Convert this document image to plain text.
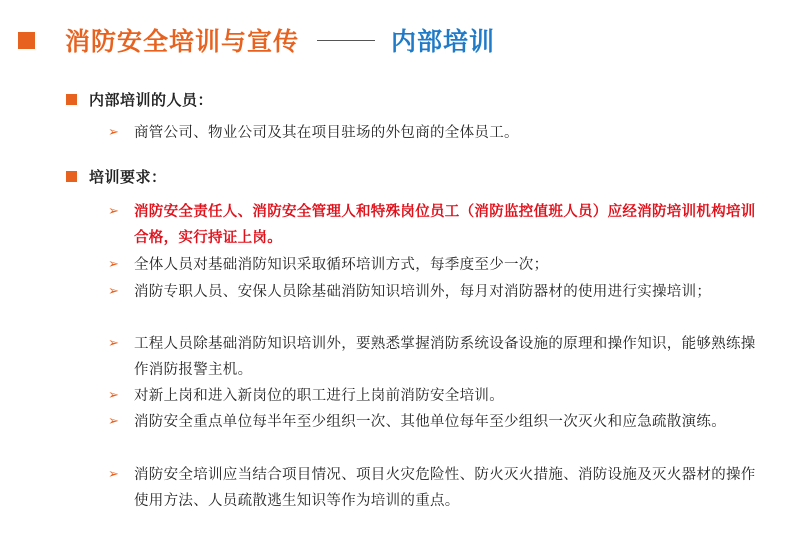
消防安全培训与宣传	内部培训
内部培训的人员：
➢	商管公司、物业公司及其在项目驻场的外包商的全体员工。
培训要求：
➢	消防安全责任人、消防安全管理人和特殊岗位员工（消防监控值班人员）应经消防培训机构培训合格，实行持证上岗。
➢	全体人员对基础消防知识采取循环培训方式，每季度至少一次；
➢	消防专职人员、安保人员除基础消防知识培训外，每月对消防器材的使用进行实操培训；
➢	工程人员除基础消防知识培训外，要熟悉掌握消防系统设备设施的原理和操作知识，能够熟练操作消防报警主机。
➢	对新上岗和进入新岗位的职工进行上岗前消防安全培训。
➢	消防安全重点单位每半年至少组织一次、其他单位每年至少组织一次灭火和应急疏散演练。
➢	消防安全培训应当结合项目情况、项目火灾危险性、防火灭火措施、消防设施及灭火器材的操作使用方法、人员疏散逃生知识等作为培训的重点。
